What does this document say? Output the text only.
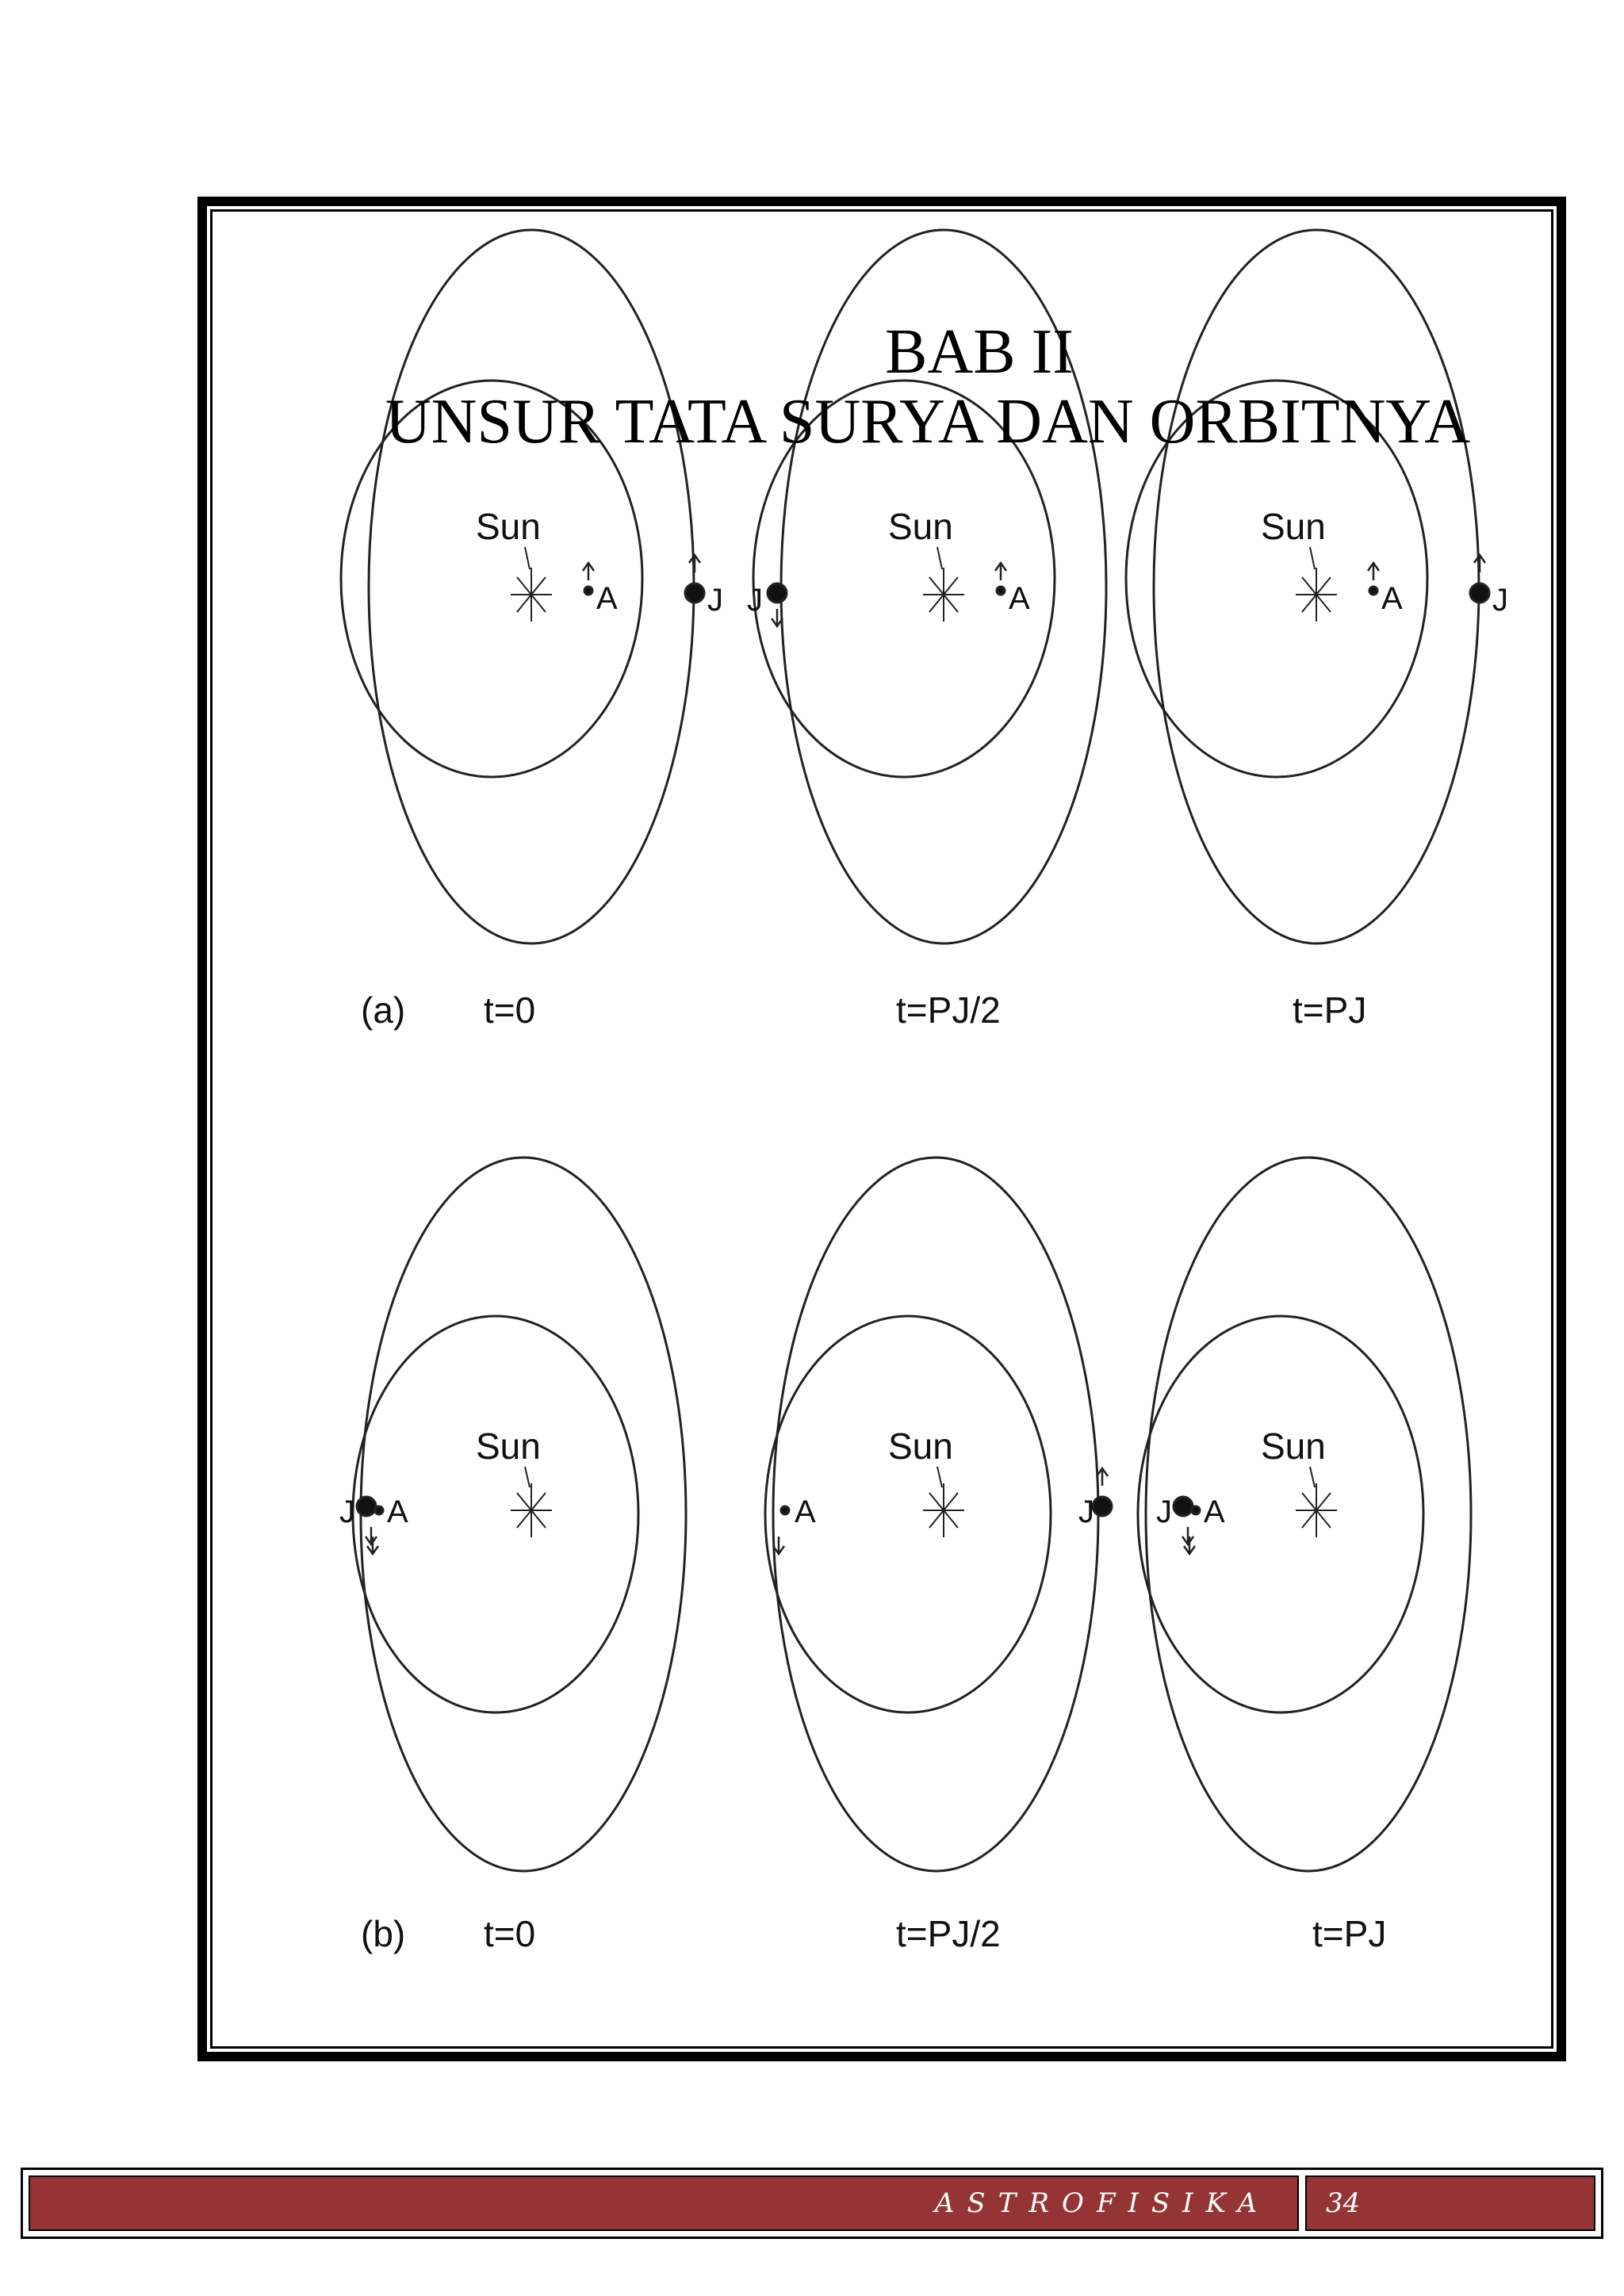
Sun
A
Sun
A
Sun
A
J J	J
(a) t=0	t=PJ/2	t=PJ
Sun	Sun	Sun
J A	J
A	J A
(b) t=0	t=PJ/2	t=PJ
BAB II
UNSUR TATA SURYA DAN ORBITNYA
ASTROFISIKA	34
